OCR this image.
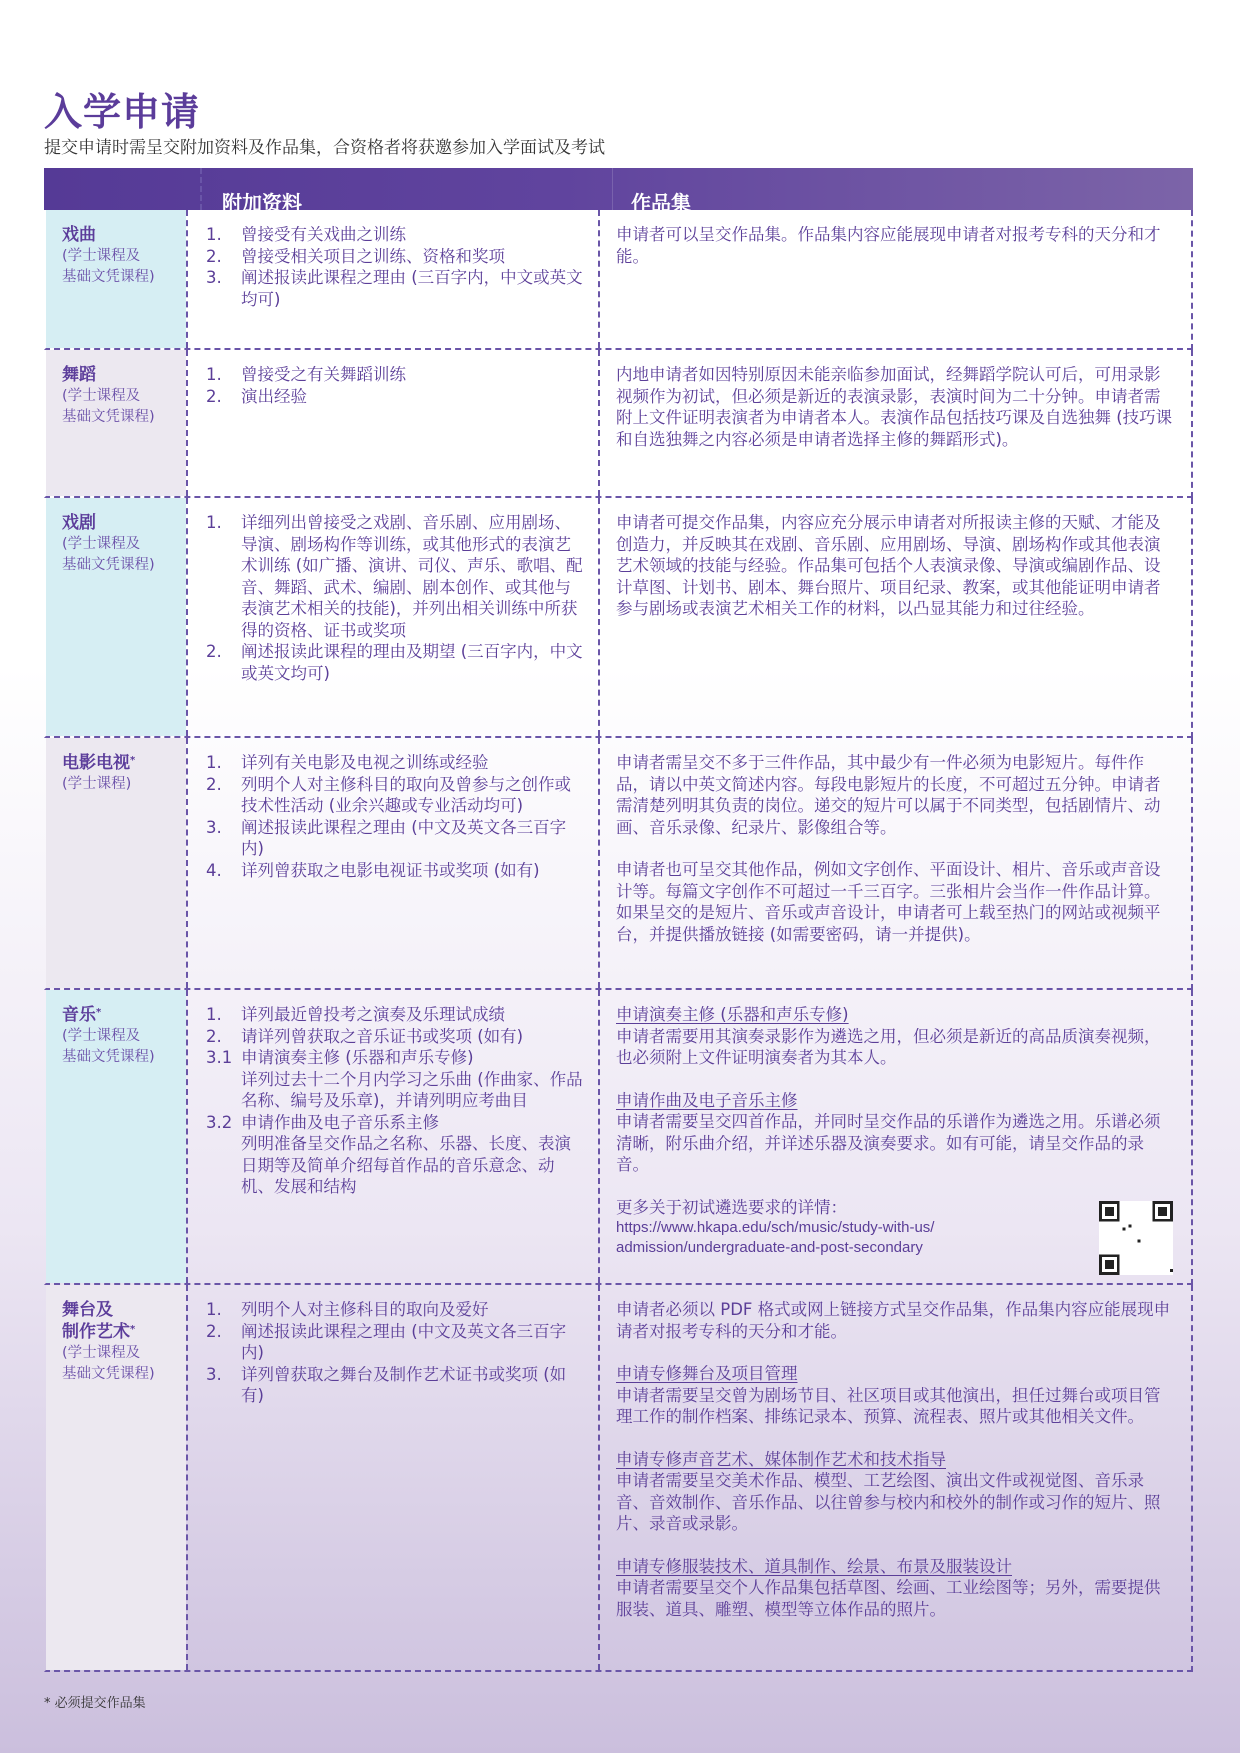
入学申请
提交申请时需呈交附加资料及作品集，合资格者将获邀参加入学面试及考试
附加资料	作品集
戏曲
(学士课程及
基础文凭课程)
1.	曾接受有关戏曲之训练
2.	曾接受相关项目之训练、资格和奖项
3.	阐述报读此课程之理由 (三百字内，中文或英文均可)

申请者可以呈交作品集。作品集内容应能展现申请者对报考专科的天分和才能。

舞蹈
(学士课程及
基础文凭课程)
1.	曾接受之有关舞蹈训练
2.	演出经验

内地申请者如因特别原因未能亲临参加面试，经舞蹈学院认可后，可用录影视频作为初试，但必须是新近的表演录影，表演时间为二十分钟。申请者需附上文件证明表演者为申请者本人。表演作品包括技巧课及自选独舞 (技巧课和自选独舞之内容必须是申请者选择主修的舞蹈形式)。

戏剧
(学士课程及
基础文凭课程)
1.	详细列出曾接受之戏剧、音乐剧、应用剧场、导演、剧场构作等训练，或其他形式的表演艺术训练 (如广播、演讲、司仪、声乐、歌唱、配音、舞蹈、武术、编剧、剧本创作、或其他与表演艺术相关的技能)，并列出相关训练中所获得的资格、证书或奖项
2.	阐述报读此课程的理由及期望 (三百字内，中文或英文均可)

申请者可提交作品集，内容应充分展示申请者对所报读主修的天赋、才能及创造力，并反映其在戏剧、音乐剧、应用剧场、导演、剧场构作或其他表演艺术领域的技能与经验。作品集可包括个人表演录像、导演或编剧作品、设计草图、计划书、剧本、舞台照片、项目纪录、教案，或其他能证明申请者参与剧场或表演艺术相关工作的材料，以凸显其能力和过往经验。

电影电视*
(学士课程)
1.	详列有关电影及电视之训练或经验
2.	列明个人对主修科目的取向及曾参与之创作或技术性活动 (业余兴趣或专业活动均可)
3.	阐述报读此课程之理由 (中文及英文各三百字内)
4.	详列曾获取之电影电视证书或奖项 (如有)

申请者需呈交不多于三件作品，其中最少有一件必须为电影短片。每件作品，请以中英文简述内容。每段电影短片的长度，不可超过五分钟。申请者需清楚列明其负责的岗位。递交的短片可以属于不同类型，包括剧情片、动画、音乐录像、纪录片、影像组合等。

申请者也可呈交其他作品，例如文字创作、平面设计、相片、音乐或声音设计等。每篇文字创作不可超过一千三百字。三张相片会当作一件作品计算。如果呈交的是短片、音乐或声音设计，申请者可上载至热门的网站或视频平台，并提供播放链接 (如需要密码，请一并提供)。

音乐*
(学士课程及
基础文凭课程)
1.	详列最近曾投考之演奏及乐理试成绩
2.	请详列曾获取之音乐证书或奖项 (如有)
3.1 申请演奏主修 (乐器和声乐专修)
详列过去十二个月内学习之乐曲 (作曲家、作品名称、编号及乐章)，并请列明应考曲目
3.2 申请作曲及电子音乐系主修
列明准备呈交作品之名称、乐器、长度、表演日期等及简单介绍每首作品的音乐意念、动机、发展和结构

申请演奏主修 (乐器和声乐专修)

申请者需要用其演奏录影作为遴选之用，但必须是新近的高品质演奏视频，也必须附上文件证明演奏者为其本人。

申请作曲及电子音乐主修

申请者需要呈交四首作品，并同时呈交作品的乐谱作为遴选之用。乐谱必须清晰，附乐曲介绍，并详述乐器及演奏要求。如有可能，请呈交作品的录音。

更多关于初试遴选要求的详情：

https://www.hkapa.edu/sch/music/study-with-us/

admission/undergraduate-and-post-secondary

舞台及
制作艺术*
(学士课程及
基础文凭课程)
1.	列明个人对主修科目的取向及爱好
2.	阐述报读此课程之理由 (中文及英文各三百字内)
3.	详列曾获取之舞台及制作艺术证书或奖项 (如有)

申请者必须以 PDF 格式或网上链接方式呈交作品集，作品集内容应能展现申请者对报考专科的天分和才能。

申请专修舞台及项目管理

申请者需要呈交曾为剧场节目、社区项目或其他演出，担任过舞台或项目管理工作的制作档案、排练记录本、预算、流程表、照片或其他相关文件。

申请专修声音艺术、媒体制作艺术和技术指导

申请者需要呈交美术作品、模型、工艺绘图、演出文件或视觉图、音乐录音、音效制作、音乐作品、以往曾参与校内和校外的制作或习作的短片、照片、录音或录影。

申请专修服装技术、道具制作、绘景、布景及服装设计

申请者需要呈交个人作品集包括草图、绘画、工业绘图等；另外，需要提供服装、道具、雕塑、模型等立体作品的照片。

* 必须提交作品集
